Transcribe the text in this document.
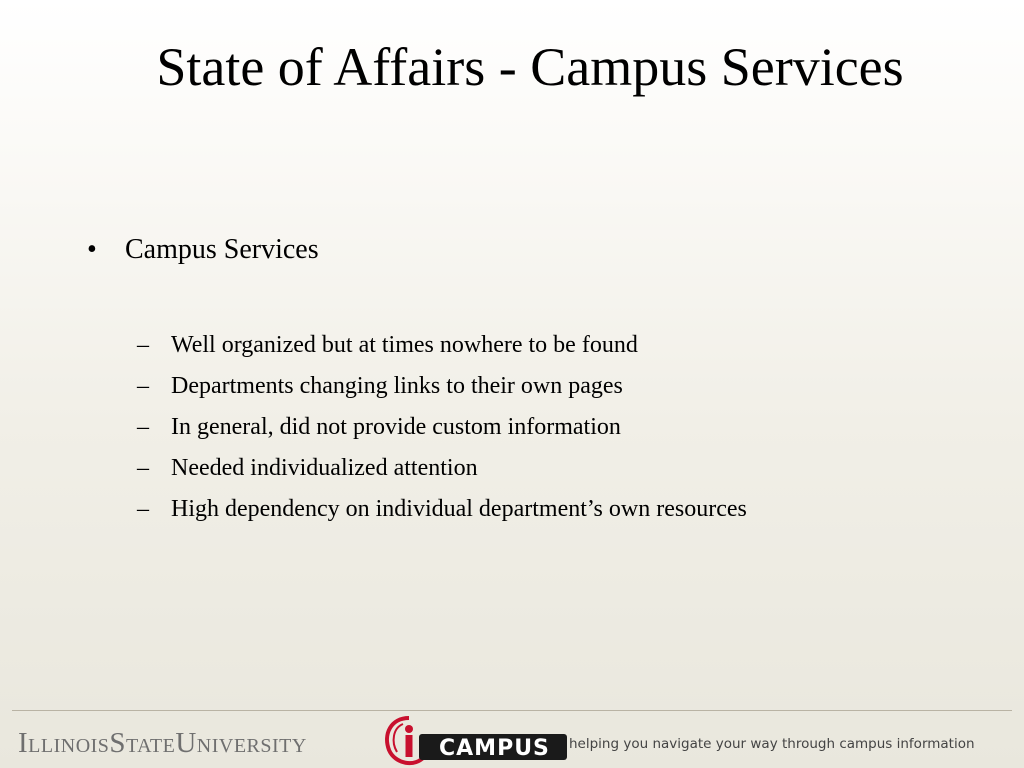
State of Affairs - Campus Services
• Campus Services
– Well organized but at times nowhere to be found
– Departments changing links to their own pages
– In general, did not provide custom information
– Needed individualized attention
– High dependency on individual department’s own resources
IllinoisStateUniversity	CAMPUS helping you navigate your way through campus information
